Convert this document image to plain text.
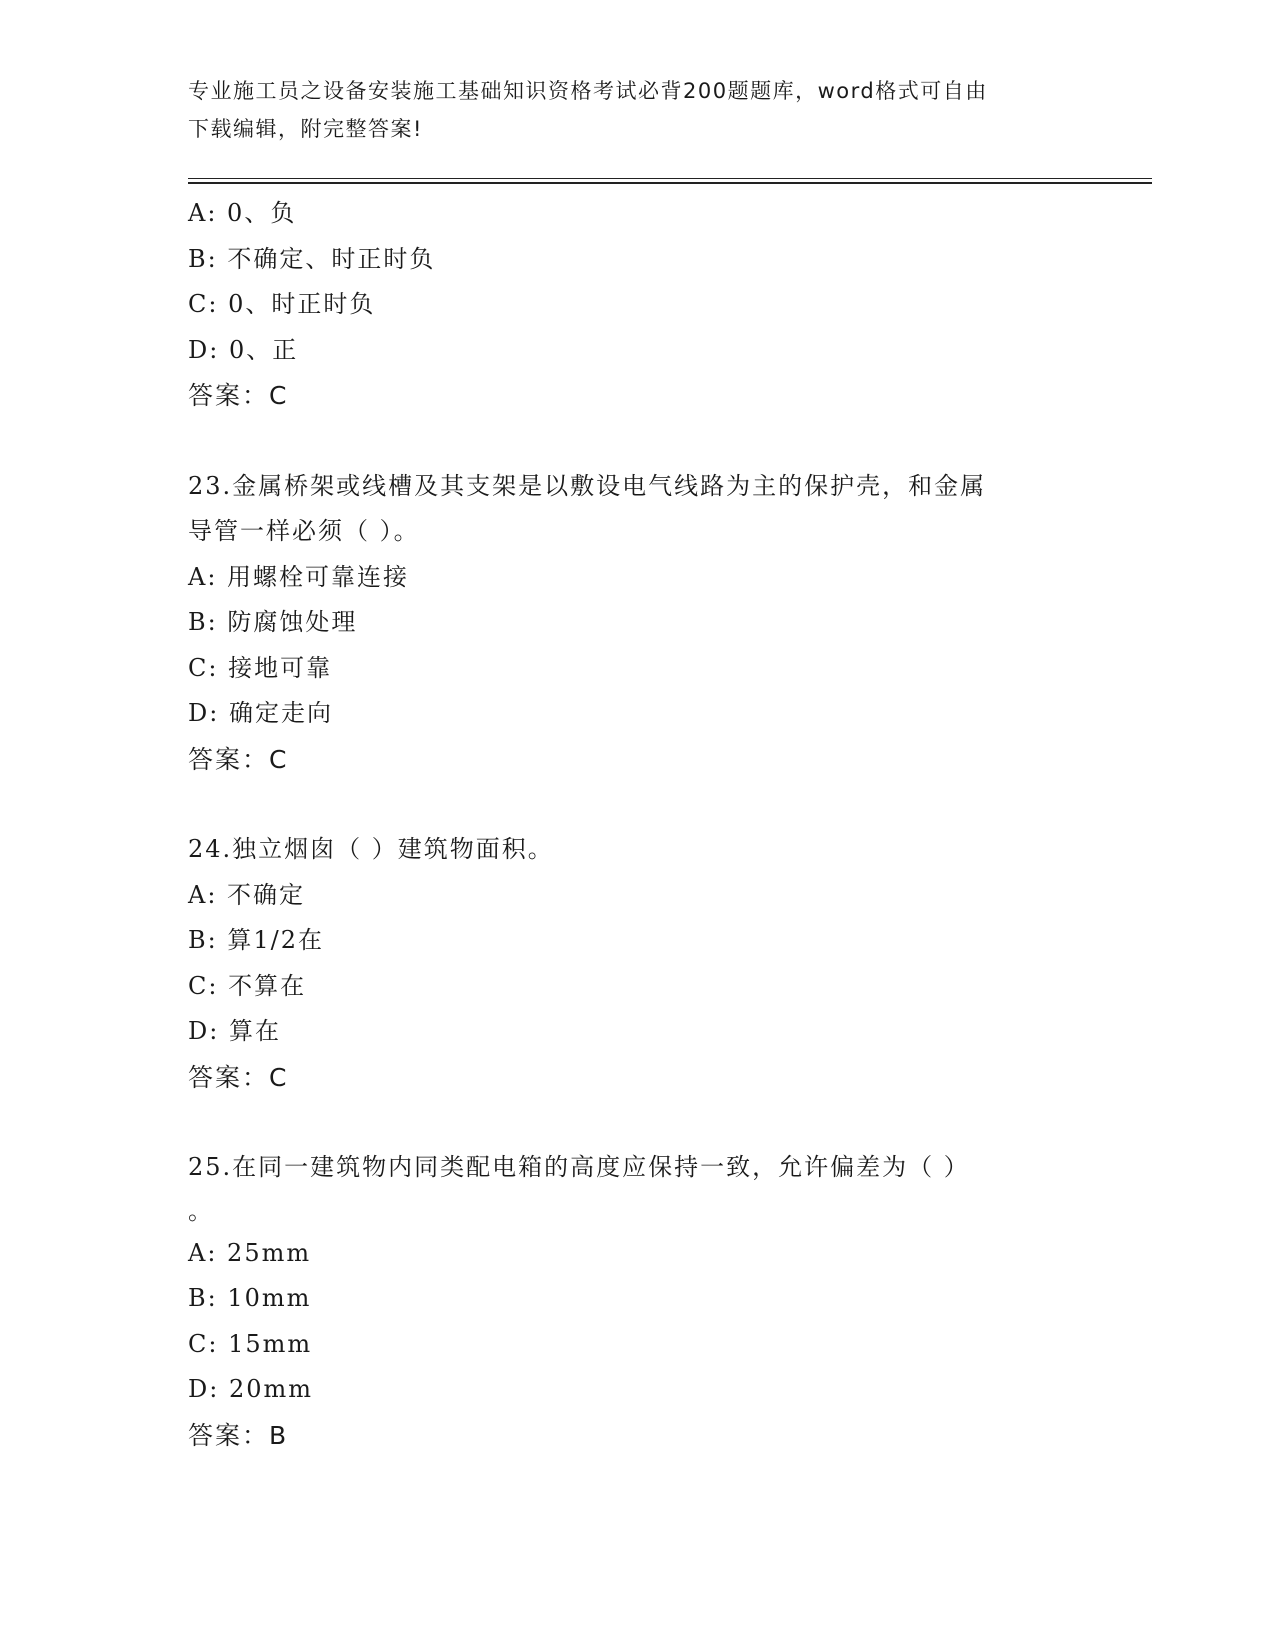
专业施工员之设备安装施工基础知识资格考试必背200题题库，word格式可自由
下载编辑，附完整答案!
A: 0、负
B: 不确定、时正时负
C: 0、时正时负
D: 0、正
答案：C
23.金属桥架或线槽及其支架是以敷设电气线路为主的保护壳，和金属
导管一样必须（ ）。
A: 用螺栓可靠连接
B: 防腐蚀处理
C: 接地可靠
D: 确定走向
答案：C
24.独立烟囱（ ）建筑物面积。
A: 不确定
B: 算1/2在
C: 不算在
D: 算在
答案：C
25.在同一建筑物内同类配电箱的高度应保持一致，允许偏差为（ ）
。
A: 25mm
B: 10mm
C: 15mm
D: 20mm
答案：B
